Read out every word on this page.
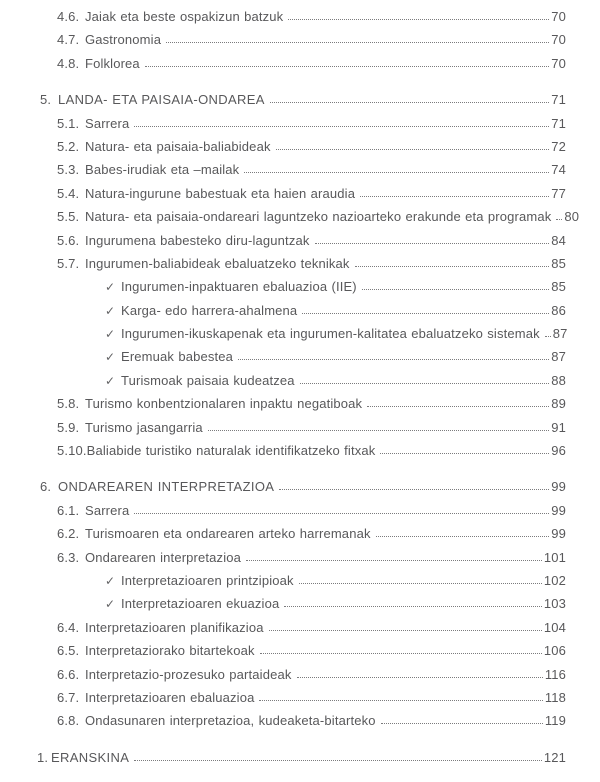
4.6. Jaiak eta beste ospakizun batzuk	70
4.7. Gastronomia	70
4.8. Folklorea	70
5. LANDA- ETA PAISAIA-ONDAREA	71
5.1. Sarrera	71
5.2. Natura- eta paisaia-baliabideak	72
5.3. Babes-irudiak eta –mailak	74
5.4. Natura-ingurune babestuak eta haien araudia	77
5.5. Natura- eta paisaia-ondareari laguntzeko nazioarteko erakunde eta programak 80
5.6. Ingurumena babesteko diru-laguntzak	84
5.7. Ingurumen-baliabideak ebaluatzeko teknikak	85
✓ Ingurumen-inpaktuaren ebaluazioa (IIE)	85
✓ Karga- edo harrera-ahalmena	86
✓ Ingurumen-ikuskapenak eta ingurumen-kalitatea ebaluatzeko sistemak 87
✓ Eremuak babestea	87
✓ Turismoak paisaia kudeatzea	88
5.8. Turismo konbentzionalaren inpaktu negatiboak	89
5.9. Turismo jasangarria	91
5.10. Baliabide turistiko naturalak identifikatzeko fitxak	96
6. ONDAREAREN INTERPRETAZIOA	99
6.1. Sarrera	99
6.2. Turismoaren eta ondarearen arteko harremanak	99
6.3. Ondarearen interpretazioa	101
✓ Interpretazioaren printzipioak	102
✓ Interpretazioaren ekuazioa	103
6.4. Interpretazioaren planifikazioa	104
6.5. Interpretaziorako bitartekoak	106
6.6. Interpretazio-prozesuko partaideak	116
6.7. Interpretazioaren ebaluazioa	118
6.8. Ondasunaren interpretazioa, kudeaketa-bitarteko	119
1. ERANSKINA	121
